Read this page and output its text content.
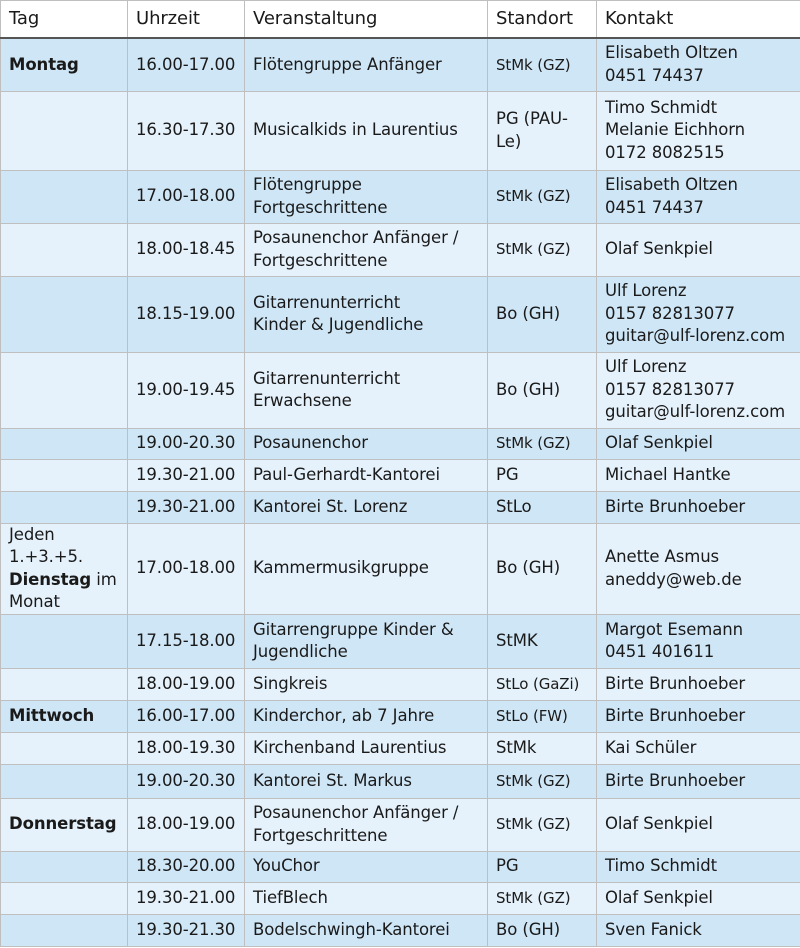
Tag	Uhrzeit	Veranstaltung	Standort	Kontakt
Montag	16.00-17.00	Flötengruppe Anfänger	StMk (GZ)	Elisabeth Oltzen
0451 74437
	16.30-17.30	Musicalkids in Laurentius	PG (PAU-
Le)	Timo Schmidt
Melanie Eichhorn
0172 8082515
	17.00-18.00	Flötengruppe
Fortgeschrittene	StMk (GZ)	Elisabeth Oltzen
0451 74437
	18.00-18.45	Posaunenchor Anfänger /
Fortgeschrittene	StMk (GZ)	Olaf Senkpiel
	18.15-19.00	Gitarrenunterricht
Kinder & Jugendliche	Bo (GH)	Ulf Lorenz
0157 82813077
guitar@ulf-lorenz.com
	19.00-19.45	Gitarrenunterricht
Erwachsene	Bo (GH)	Ulf Lorenz
0157 82813077
guitar@ulf-lorenz.com
	19.00-20.30	Posaunenchor	StMk (GZ)	Olaf Senkpiel
	19.30-21.00	Paul-Gerhardt-Kantorei	PG	Michael Hantke
	19.30-21.00	Kantorei St. Lorenz	StLo	Birte Brunhoeber
Jeden 1.+3.+5.
Dienstag im
Monat	17.00-18.00	Kammermusikgruppe	Bo (GH)	Anette Asmus
aneddy@web.de
	17.15-18.00	Gitarrengruppe Kinder &
Jugendliche	StMK	Margot Esemann
0451 401611
	18.00-19.00	Singkreis	StLo (GaZi)	Birte Brunhoeber
Mittwoch	16.00-17.00	Kinderchor, ab 7 Jahre	StLo (FW)	Birte Brunhoeber
	18.00-19.30	Kirchenband Laurentius	StMk	Kai Schüler
	19.00-20.30	Kantorei St. Markus	StMk (GZ)	Birte Brunhoeber
Donnerstag	18.00-19.00	Posaunenchor Anfänger /
Fortgeschrittene	StMk (GZ)	Olaf Senkpiel
	18.30-20.00	YouChor	PG	Timo Schmidt
	19.30-21.00	TiefBlech	StMk (GZ)	Olaf Senkpiel
	19.30-21.30	Bodelschwingh-Kantorei	Bo (GH)	Sven Fanick
